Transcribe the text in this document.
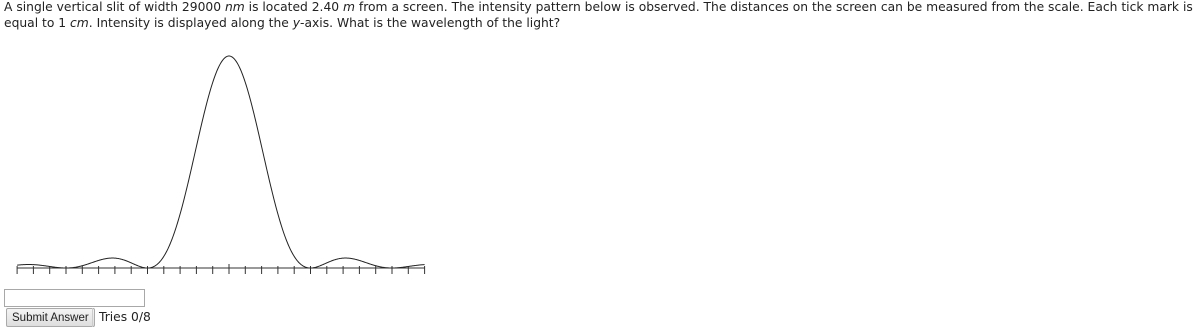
A single vertical slit of width 29000 nm is located 2.40 m from a screen. The intensity pattern below is observed. The distances on the screen can be measured from the scale. Each tick mark is equal to 1 cm. Intensity is displayed along the y-axis. What is the wavelength of the light?
Submit Answer Tries 0/8
